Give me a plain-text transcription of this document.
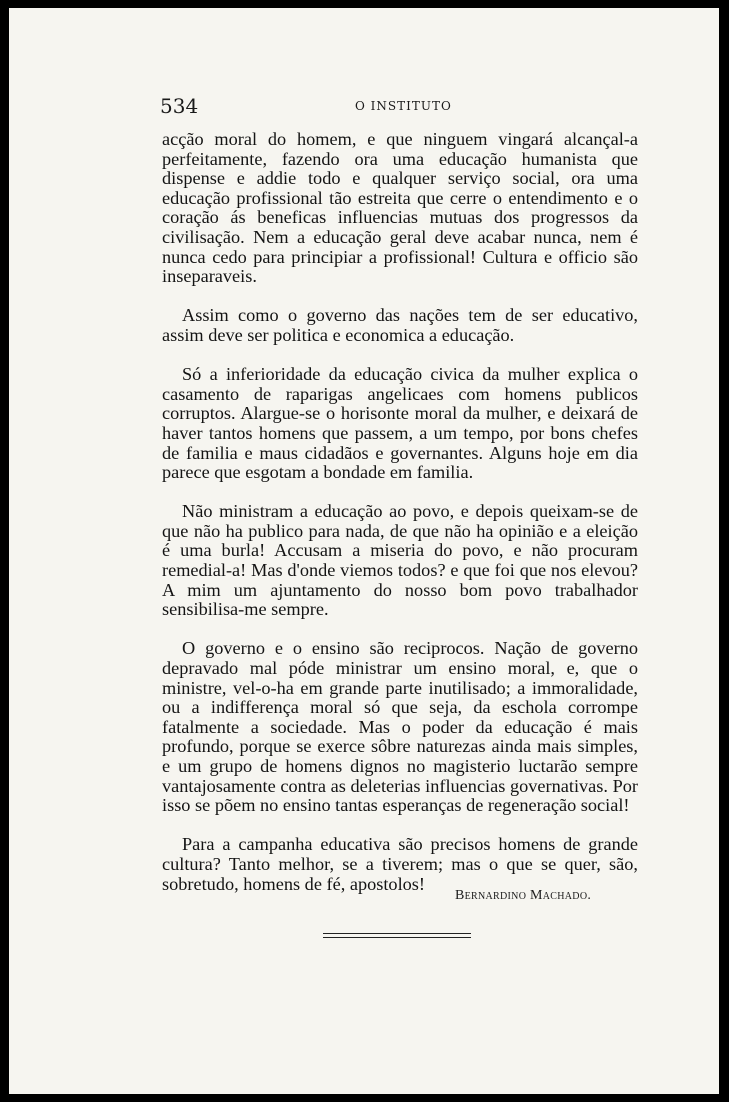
534	O INSTITUTO

acção moral do homem, e que ninguem vingará alcançal-a perfeitamente, fazendo ora uma educação humanista que dispense e addie todo e qualquer serviço social, ora uma educação profissional tão estreita que cerre o entendimento e o coração ás beneficas influencias mutuas dos progressos da civilisação. Nem a educação geral deve acabar nunca, nem é nunca cedo para principiar a profissional! Cultura e officio são inseparaveis.

Assim como o governo das nações tem de ser educativo, assim deve ser politica e economica a educação.

Só a inferioridade da educação civica da mulher explica o casamento de raparigas angelicaes com homens publicos corruptos. Alargue-se o horisonte moral da mulher, e deixará de haver tantos homens que passem, a um tempo, por bons chefes de familia e maus cidadãos e governantes. Alguns hoje em dia parece que esgotam a bondade em familia.

Não ministram a educação ao povo, e depois queixam-se de que não ha publico para nada, de que não ha opinião e a eleição é uma burla! Accusam a miseria do povo, e não procuram remedial-a! Mas d'onde viemos todos? e que foi que nos elevou? A mim um ajuntamento do nosso bom povo trabalhador sensibilisa-me sempre.

O governo e o ensino são reciprocos. Nação de governo depravado mal póde ministrar um ensino moral, e, que o ministre, vel-o-ha em grande parte inutilisado; a immoralidade, ou a indifferença moral só que seja, da eschola corrompe fatalmente a sociedade. Mas o poder da educação é mais profundo, porque se exerce sôbre naturezas ainda mais simples, e um grupo de homens dignos no magisterio luctarão sempre vantajosamente contra as deleterias influencias governativas. Por isso se põem no ensino tantas esperanças de regeneração social!

Para a campanha educativa são precisos homens de grande cultura? Tanto melhor, se a tiverem; mas o que se quer, são, sobretudo, homens de fé, apostolos!

Bernardino Machado.
